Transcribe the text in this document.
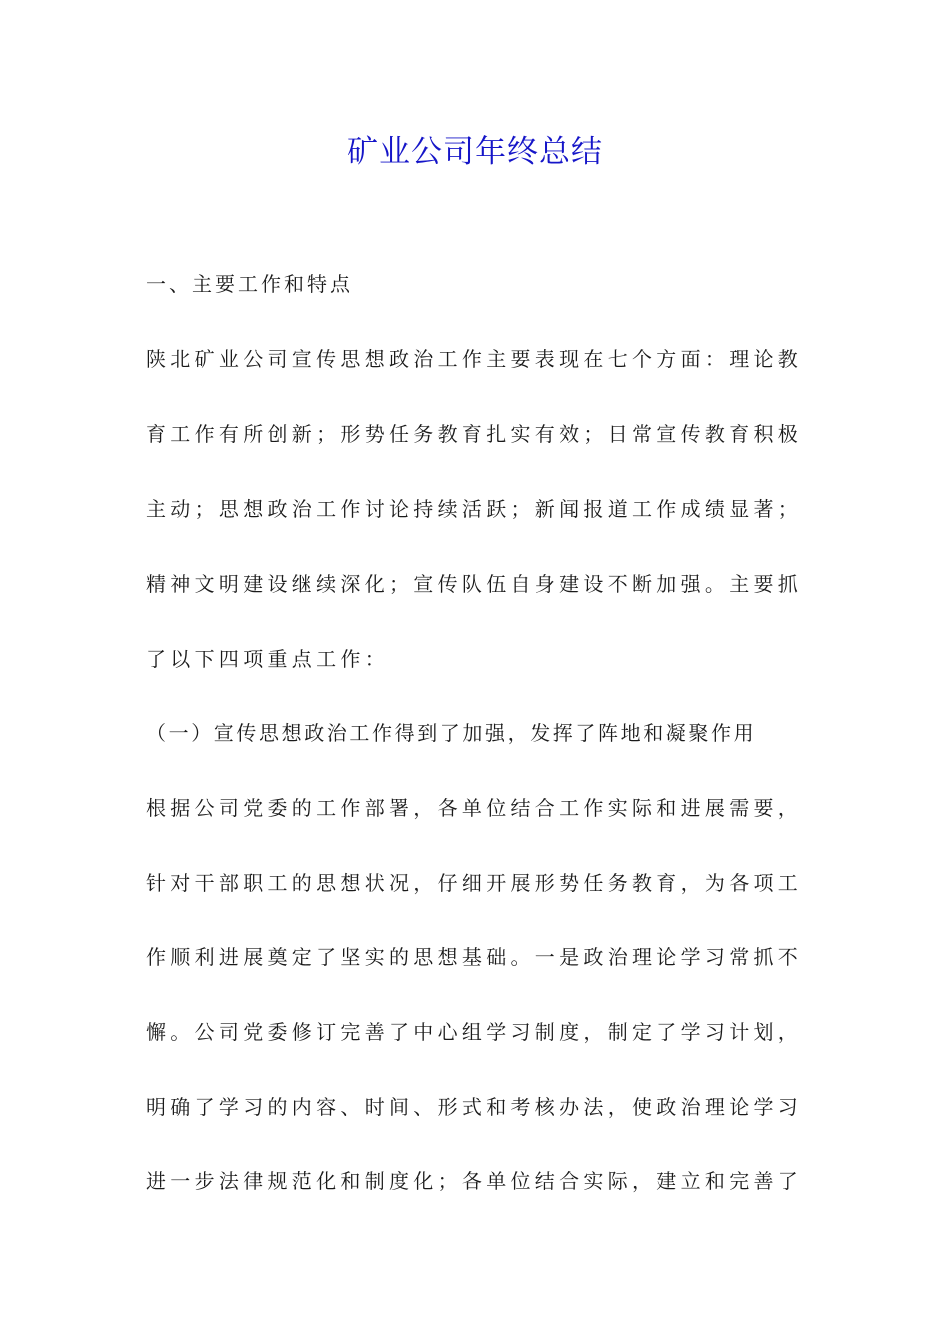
矿业公司年终总结

一、主要工作和特点

陕北矿业公司宣传思想政治工作主要表现在七个方面：理论教

育工作有所创新；形势任务教育扎实有效；日常宣传教育积极

主动；思想政治工作讨论持续活跃；新闻报道工作成绩显著；

精神文明建设继续深化；宣传队伍自身建设不断加强。主要抓

了以下四项重点工作：

（一）宣传思想政治工作得到了加强，发挥了阵地和凝聚作用

根据公司党委的工作部署，各单位结合工作实际和进展需要，

针对干部职工的思想状况，仔细开展形势任务教育，为各项工

作顺利进展奠定了坚实的思想基础。一是政治理论学习常抓不

懈。公司党委修订完善了中心组学习制度，制定了学习计划，

明确了学习的内容、时间、形式和考核办法，使政治理论学习

进一步法律规范化和制度化；各单位结合实际，建立和完善了
